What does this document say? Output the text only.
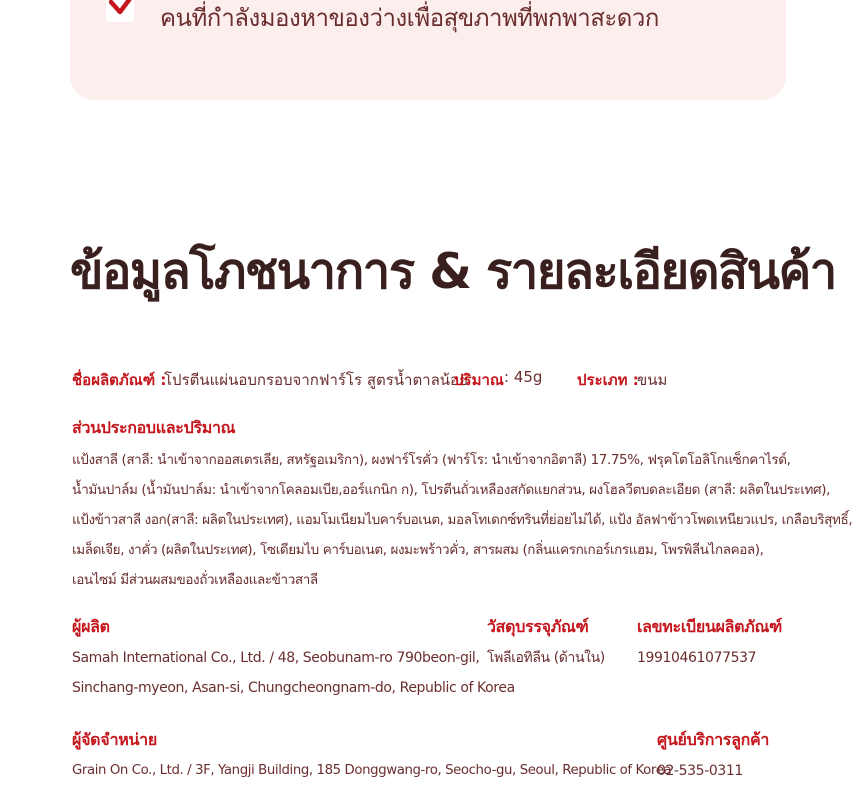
คนที่กำลังมองหาของว่างเพื่อสุขภาพที่พกพาสะดวก
ข้อมูลโภชนาการ & รายละเอียดสินค้า
ชื่อผลิตภัณฑ์ :
โปรตีนแผ่นอบกรอบจากฟาร์โร สูตรน้ำตาลน้อย
ปริมาณ : 45g ประเภท :
ขนม
ส่วนประกอบและปริมาณ
แป้งสาลี (สาลี: นำเข้าจากออสเตรเลีย, สหรัฐอเมริกา), ผงฟาร์โรคั่ว (ฟาร์โร: นำเข้าจากอิตาลี) 17.75%, ฟรุคโตโอลิโกแซ็กคาไรด์,
น้ำมันปาล์ม (น้ำมันปาล์ม: นำเข้าจากโคลอมเบีย,ออร์แกนิก ก), โปรตีนถั่วเหลืองสกัดแยกส่วน, ผงโฮลวีตบดละเอียด (สาลี: ผลิตในประเทศ),
แป้งข้าวสาลี งอก(สาลี: ผลิตในประเทศ), แอมโมเนียมไบคาร์บอเนต, มอลโทเดกซ์ทรินที่ย่อยไม่ได้, แป้ง อัลฟาข้าวโพดเหนียวแปร, เกลือบริสุทธิ์,
เมล็ดเจีย, งาคั่ว (ผลิตในประเทศ), โซเดียมไบ คาร์บอเนต, ผงมะพร้าวคั่ว, สารผสม (กลิ่นแครกเกอร์เกรแฮม, โพรพิลีนไกลคอล),
เอนไซม์ มีส่วนผสมของถั่วเหลืองและข้าวสาลี
ผู้ผลิต
Samah International Co., Ltd. / 48, Seobunam-ro 790beon-gil,
Sinchang-myeon, Asan-si, Chungcheongnam-do, Republic of Korea
วัสดุบรรจุภัณฑ์
โพลีเอทิลีน (ด้านใน)
เลขทะเบียนผลิตภัณฑ์
19910461077537
ผู้จัดจำหน่าย
Grain On Co., Ltd. / 3F, Yangji Building, 185 Donggwang-ro, Seocho-gu, Seoul, Republic of Korea
ศูนย์บริการลูกค้า
02-535-0311
